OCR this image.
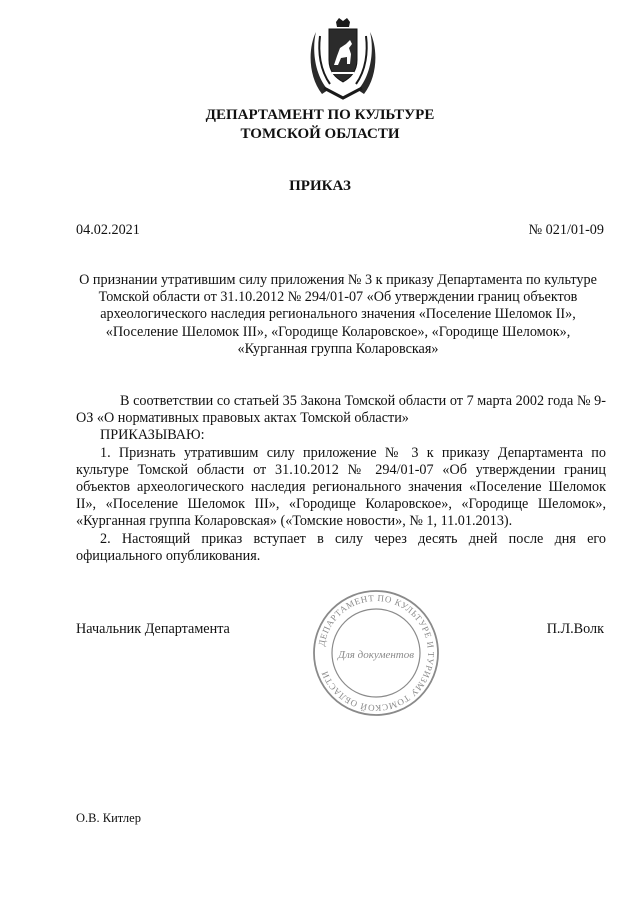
ДЕПАРТАМЕНТ ПО КУЛЬТУРЕ
ТОМСКОЙ ОБЛАСТИ
ПРИКАЗ
04.02.2021	№ 021/01-09
О признании утратившим силу приложения № 3 к приказу Департамента по культуре Томской области от 31.10.2012 № 294/01-07 «Об утверждении границ объектов археологического наследия регионального значения «Поселение Шеломок II», «Поселение Шеломок III», «Городище Коларовское», «Городище Шеломок», «Курганная группа Коларовская»

В соответствии со статьей 35 Закона Томской области от 7 марта 2002 года № 9-ОЗ «О нормативных правовых актах Томской области»

ПРИКАЗЫВАЮ:

1. Признать утратившим силу приложение № 3 к приказу Департамента по культуре Томской области от 31.10.2012 № 294/01-07 «Об утверждении границ объектов археологического наследия регионального значения «Поселение Шеломок II», «Поселение Шеломок III», «Городище Коларовское», «Городище Шеломок», «Курганная группа Коларовская» («Томские новости», № 1, 11.01.2013).

2. Настоящий приказ вступает в силу через десять дней после дня его официального опубликования.

Начальник Департамента	П.Л.Волк
ДЕПАРТАМЕНТ ПО КУЛЬТУРЕ И ТУРИЗМУ ТОМСКОЙ ОБЛАСТИ
Для документов
О.В. Китлер
